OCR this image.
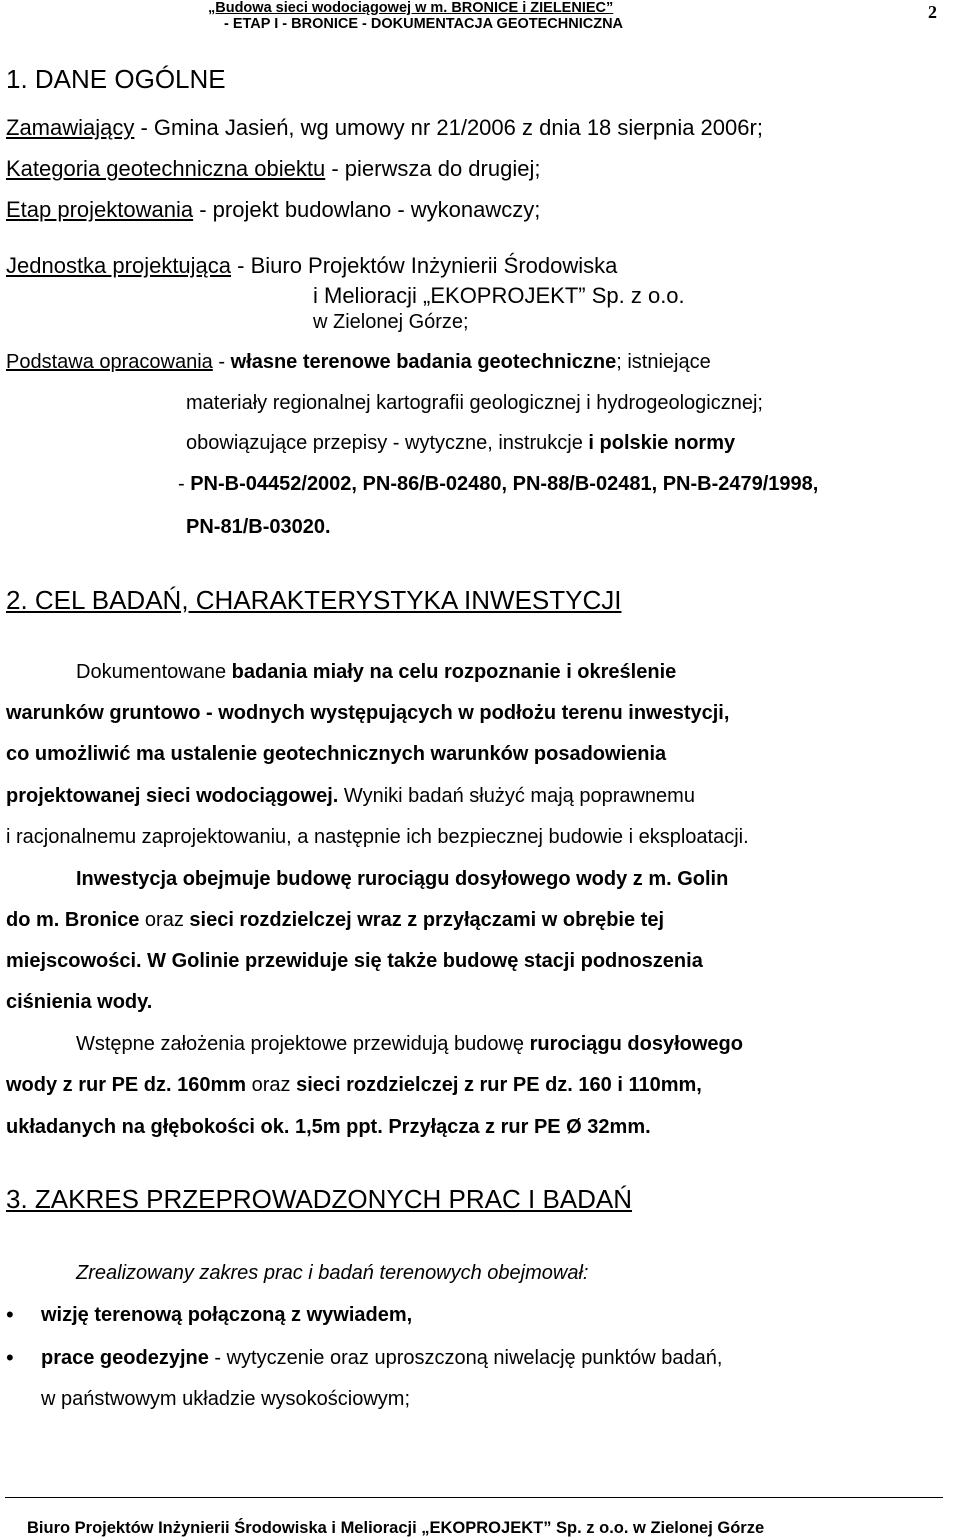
„Budowa sieci wodociągowej w m. BRONICE i ZIELENIEC”
- ETAP I - BRONICE - DOKUMENTACJA GEOTECHNICZNA
2
1. DANE OGÓLNE
Zamawiający - Gmina Jasień, wg umowy nr 21/2006 z dnia 18 sierpnia 2006r;
Kategoria geotechniczna obiektu - pierwsza do drugiej;
Etap projektowania - projekt budowlano - wykonawczy;
Jednostka projektująca - Biuro Projektów Inżynierii Środowiska
i Melioracji „EKOPROJEKT” Sp. z o.o.
w Zielonej Górze;
Podstawa opracowania - własne terenowe badania geotechniczne; istniejące
materiały regionalnej kartografii geologicznej i hydrogeologicznej;
obowiązujące przepisy - wytyczne, instrukcje i polskie normy
- PN-B-04452/2002, PN-86/B-02480, PN-88/B-02481, PN-B-2479/1998,
PN-81/B-03020.
2. CEL BADAŃ, CHARAKTERYSTYKA INWESTYCJI
Dokumentowane badania miały na celu rozpoznanie i określenie
warunków gruntowo - wodnych występujących w podłożu terenu inwestycji,
co umożliwić ma ustalenie geotechnicznych warunków posadowienia
projektowanej sieci wodociągowej. Wyniki badań służyć mają poprawnemu
i racjonalnemu zaprojektowaniu, a następnie ich bezpiecznej budowie i eksploatacji.
Inwestycja obejmuje budowę rurociągu dosyłowego wody z m. Golin
do m. Bronice oraz sieci rozdzielczej wraz z przyłączami w obrębie tej
miejscowości. W Golinie przewiduje się także budowę stacji podnoszenia
ciśnienia wody.
Wstępne założenia projektowe przewidują budowę rurociągu dosyłowego
wody z rur PE dz. 160mm oraz sieci rozdzielczej z rur PE dz. 160 i 110mm,
układanych na głębokości ok. 1,5m ppt. Przyłącza z rur PE Ø 32mm.
3. ZAKRES PRZEPROWADZONYCH PRAC I BADAŃ
Zrealizowany zakres prac i badań terenowych obejmował:
• wizję terenową połączoną z wywiadem,
• prace geodezyjne - wytyczenie oraz uproszczoną niwelację punktów badań,
w państwowym układzie wysokościowym;
Biuro Projektów Inżynierii Środowiska i Melioracji „EKOPROJEKT” Sp. z o.o. w Zielonej Górze
